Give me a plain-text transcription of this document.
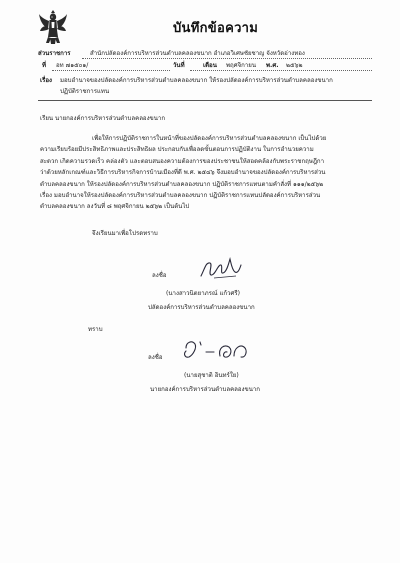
บันทึกข้อความ
ส่วนราชการ	สำนักปลัดองค์การบริหารส่วนตำบลคลองขนาก อำเภอวิเศษชัยชาญ จังหวัดอ่างทอง
ที่ อท ๗๑๕๐๑/	วันที่	เดือน พฤศจิกายน พ.ศ. ๒๕๖๒
เรื่อง มอบอำนาจของปลัดองค์การบริหารส่วนตำบลคลองขนาก ให้รองปลัดองค์การบริหารส่วนตำบลคลองขนาก
ปฏิบัติราชการแทน
เรียน นายกองค์การบริหารส่วนตำบลคลองขนาก
เพื่อให้การปฏิบัติราชการในหน้าที่ของปลัดองค์การบริหารส่วนตำบลคลองขนาก เป็นไปด้วย
ความเรียบร้อยมีประสิทธิภาพและประสิทธิผล ประกอบกับเพื่อลดขั้นตอนการปฏิบัติงาน ในการอำนวยความ
สะดวก เกิดความรวดเร็ว คล่องตัว และตอบสนองความต้องการของประชาชนให้สอดคล้องกับพระราชกฤษฎีกา
ว่าด้วยหลักเกณฑ์และวิธีการบริหารกิจการบ้านเมืองที่ดี พ.ศ. ๒๕๔๖ จึงมอบอำนาจของปลัดองค์การบริหารส่วน
ตำบลคลองขนาก ให้รองปลัดองค์การบริหารส่วนตำบลคลองขนาก ปฏิบัติราชการแทนตามคำสั่งที่ ๑๑๑/๒๕๖๒
เรื่อง มอบอำนาจให้รองปลัดองค์การบริหารส่วนตำบลคลองขนาก ปฏิบัติราชการแทนปลัดองค์การบริหารส่วน
ตำบลคลองขนาก ลงวันที่ ๘ พฤศจิกายน ๒๕๖๒ เป็นต้นไป
จึงเรียนมาเพื่อโปรดทราบ
ลงชื่อ
(นางสาวนิตยาภรณ์ แก้วศรี)
ปลัดองค์การบริหารส่วนตำบลคลองขนาก
ทราบ
ลงชื่อ
(นายสุชาติ อินทร์ใย)
นายกองค์การบริหารส่วนตำบลคลองขนาก
